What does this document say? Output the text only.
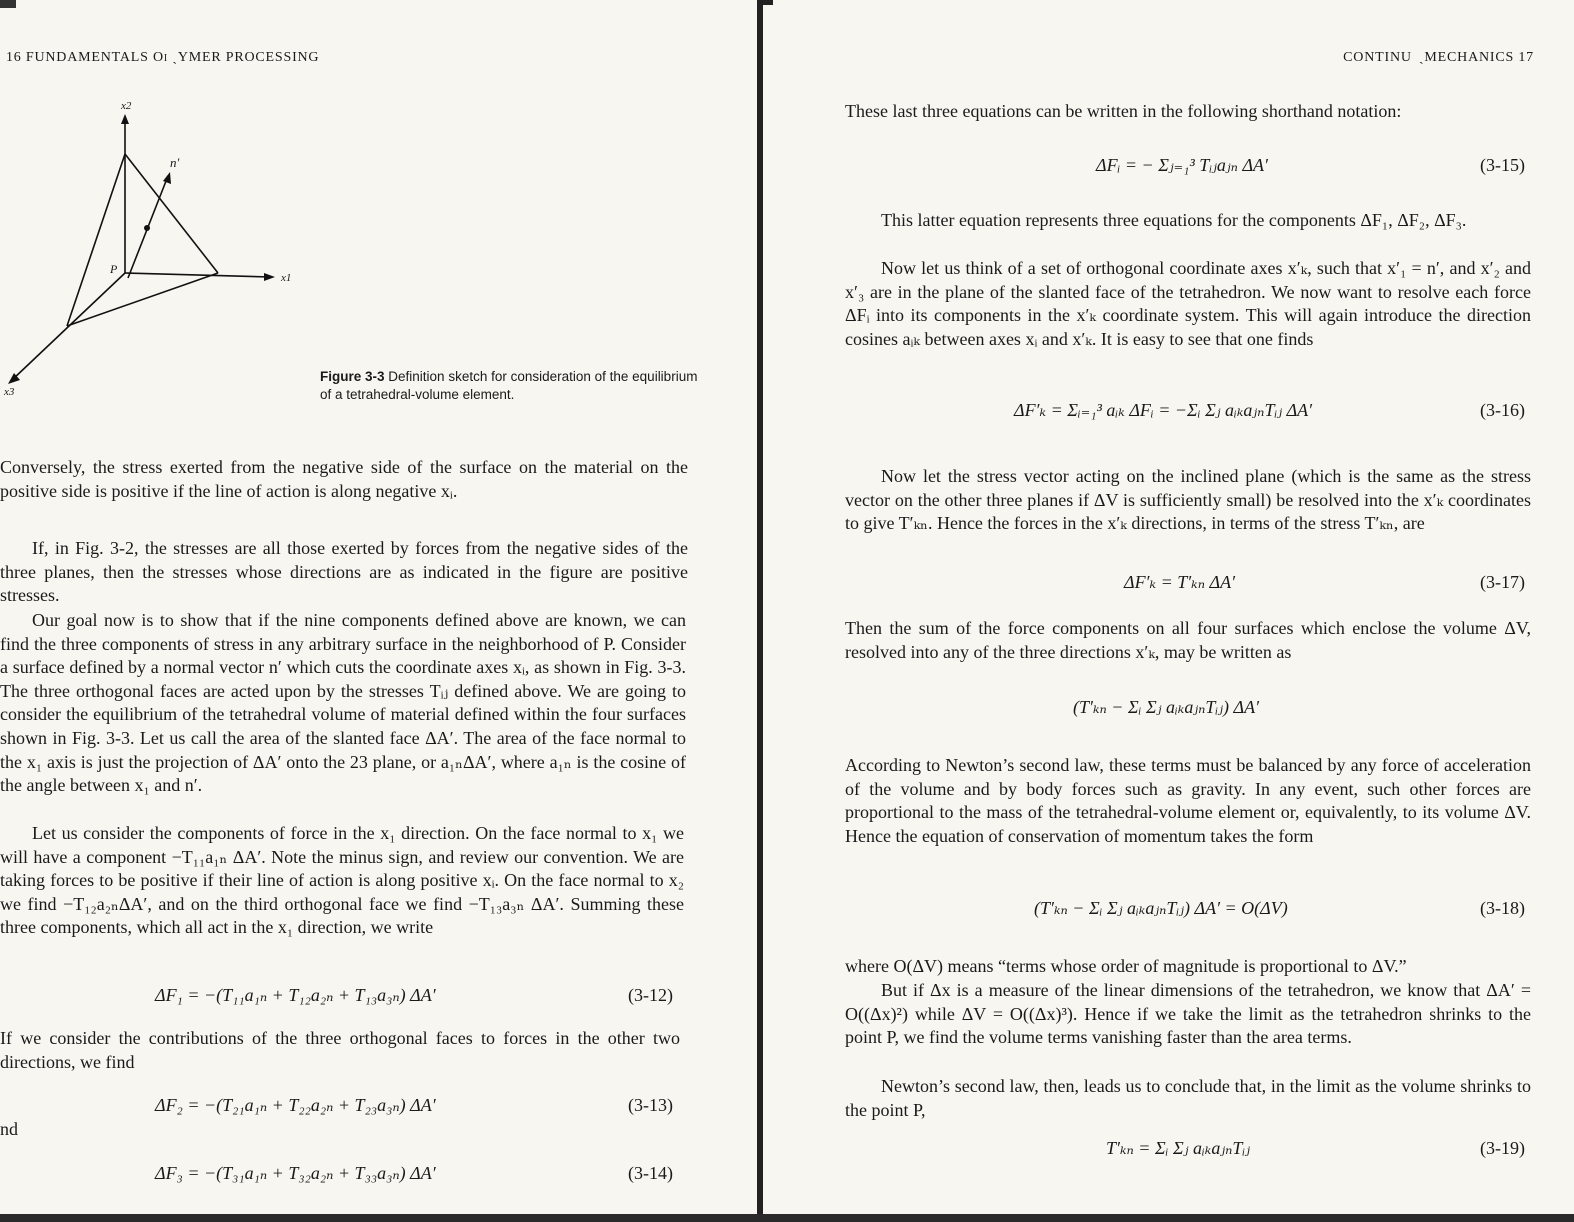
16 FUNDAMENTALS Oı ˏYMER PROCESSING
x2
n′
P
x1
x3
Figure 3-3 Definition sketch for consideration of the equilibrium of a tetrahedral-volume element.

Conversely, the stress exerted from the negative side of the surface on the material on the positive side is positive if the line of action is along negative xᵢ.

If, in Fig. 3-2, the stresses are all those exerted by forces from the negative sides of the three planes, then the stresses whose directions are as indicated in the figure are positive stresses.

Our goal now is to show that if the nine components defined above are known, we can find the three components of stress in any arbitrary surface in the neighborhood of P. Consider a surface defined by a normal vector n′ which cuts the coordinate axes xᵢ, as shown in Fig. 3-3. The three orthogonal faces are acted upon by the stresses Tᵢⱼ defined above. We are going to consider the equilibrium of the tetrahedral volume of material defined within the four surfaces shown in Fig. 3-3. Let us call the area of the slanted face ΔA′. The area of the face normal to the x₁ axis is just the projection of ΔA′ onto the 23 plane, or a₁ₙΔA′, where a₁ₙ is the cosine of the angle between x₁ and n′.

Let us consider the components of force in the x₁ direction. On the face normal to x₁ we will have a component −T₁₁a₁ₙ ΔA′. Note the minus sign, and review our convention. We are taking forces to be positive if their line of action is along positive xᵢ. On the face normal to x₂ we find −T₁₂a₂ₙΔA′, and on the third orthogonal face we find −T₁₃a₃ₙ ΔA′. Summing these three components, which all act in the x₁ direction, we write

ΔF₁ = −(T₁₁a₁ₙ + T₁₂a₂ₙ + T₁₃a₃ₙ) ΔA′	(3-12)

If we consider the contributions of the three orthogonal faces to forces in the other two directions, we find

ΔF₂ = −(T₂₁a₁ₙ + T₂₂a₂ₙ + T₂₃a₃ₙ) ΔA′	(3-13)
nd
ΔF₃ = −(T₃₁a₁ₙ + T₃₂a₂ₙ + T₃₃a₃ₙ) ΔA′	(3-14)
CONTINU  ˎMECHANICS 17

These last three equations can be written in the following shorthand notation:

ΔFᵢ = − Σⱼ₌₁³ Tᵢⱼaⱼₙ ΔA′	(3-15)

This latter equation represents three equations for the components ΔF₁, ΔF₂, ΔF₃.

Now let us think of a set of orthogonal coordinate axes x′ₖ, such that x′₁ = n′, and x′₂ and x′₃ are in the plane of the slanted face of the tetrahedron. We now want to resolve each force ΔFᵢ into its components in the x′ₖ coordinate system. This will again introduce the direction cosines aᵢₖ between axes xᵢ and x′ₖ. It is easy to see that one finds

ΔF′ₖ = Σᵢ₌₁³ aᵢₖ ΔFᵢ = −Σᵢ Σⱼ aᵢₖaⱼₙTᵢⱼ ΔA′	(3-16)

Now let the stress vector acting on the inclined plane (which is the same as the stress vector on the other three planes if ΔV is sufficiently small) be resolved into the x′ₖ coordinates to give T′ₖₙ. Hence the forces in the x′ₖ directions, in terms of the stress T′ₖₙ, are

ΔF′ₖ = T′ₖₙ ΔA′	(3-17)

Then the sum of the force components on all four surfaces which enclose the volume ΔV, resolved into any of the three directions x′ₖ, may be written as

(T′ₖₙ − Σᵢ Σⱼ aᵢₖaⱼₙTᵢⱼ) ΔA′

According to Newton’s second law, these terms must be balanced by any force of acceleration of the volume and by body forces such as gravity. In any event, such other forces are proportional to the mass of the tetrahedral-volume element or, equivalently, to its volume ΔV. Hence the equation of conservation of momentum takes the form

(T′ₖₙ − Σᵢ Σⱼ aᵢₖaⱼₙTᵢⱼ) ΔA′ = O(ΔV)	(3-18)

where O(ΔV) means “terms whose order of magnitude is proportional to ΔV.”

But if Δx is a measure of the linear dimensions of the tetrahedron, we know that ΔA′ = O((Δx)²) while ΔV = O((Δx)³). Hence if we take the limit as the tetrahedron shrinks to the point P, we find the volume terms vanishing faster than the area terms.

Newton’s second law, then, leads us to conclude that, in the limit as the volume shrinks to the point P,

T′ₖₙ = Σᵢ Σⱼ aᵢₖaⱼₙTᵢⱼ	(3-19)
